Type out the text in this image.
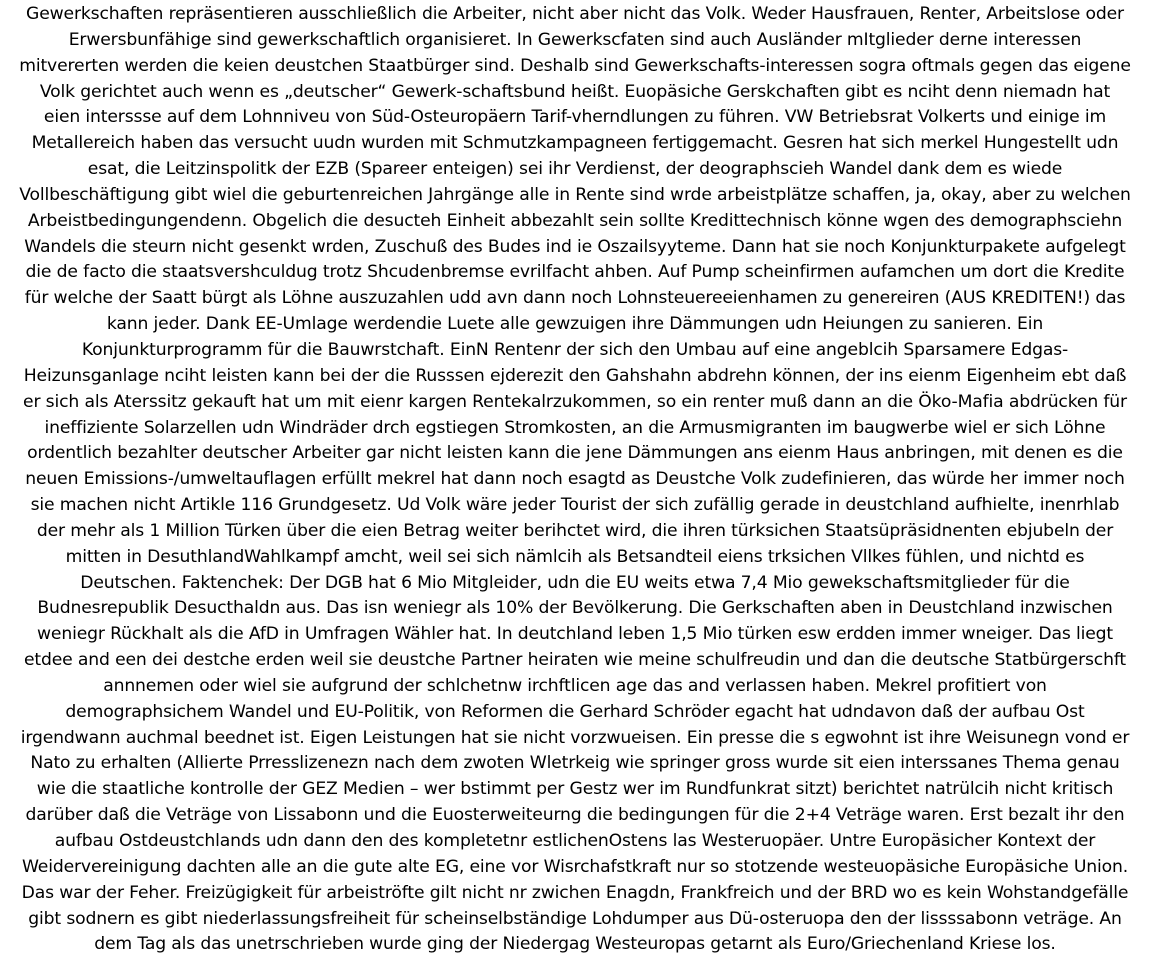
Gewerkschaften repräsentieren ausschließlich die Arbeiter, nicht aber nicht das Volk. Weder Hausfrauen, Renter, Arbeitslose oder
Erwersbunfähige sind gewerkschaftlich organisieret. In Gewerkscfaten sind auch Ausländer mItglieder derne interessen
mitvererten werden die keien deustchen Staatbürger sind. Deshalb sind Gewerkschafts-interessen sogra oftmals gegen das eigene
Volk gerichtet auch wenn es „deutscher“ Gewerk-schaftsbund heißt. Euopäsiche Gerskchaften gibt es nciht denn niemadn hat
eien interssse auf dem Lohnniveu von Süd-Osteuropäern Tarif-vherndlungen zu führen. VW Betriebsrat Volkerts und einige im
Metallereich haben das versucht uudn wurden mit Schmutzkampagneen fertiggemacht. Gesren hat sich merkel Hungestellt udn
esat, die Leitzinspolitk der EZB (Spareer enteigen) sei ihr Verdienst, der deographscieh Wandel dank dem es wiede
Vollbeschäftigung gibt wiel die geburtenreichen Jahrgänge alle in Rente sind wrde arbeistplätze schaffen, ja, okay, aber zu welchen
Arbeistbedingungendenn. Obgelich die desucteh Einheit abbezahlt sein sollte Kredittechnisch könne wgen des demographsciehn
Wandels die steurn nicht gesenkt wrden, Zuschuß des Budes ind ie Oszailsyyteme. Dann hat sie noch Konjunkturpakete aufgelegt
die de facto die staatsvershculdug trotz Shcudenbremse evrilfacht ahben. Auf Pump scheinfirmen aufamchen um dort die Kredite
für welche der Saatt bürgt als Löhne auszuzahlen udd avn dann noch Lohnsteuereeienhamen zu genereiren (AUS KREDITEN!) das
kann jeder. Dank EE-Umlage werdendie Luete alle gewzuigen ihre Dämmungen udn Heiungen zu sanieren. Ein
Konjunkturprogramm für die Bauwrstchaft. EinN Rentenr der sich den Umbau auf eine angeblcih Sparsamere Edgas-
Heizunsganlage nciht leisten kann bei der die Russsen ejderezit den Gahshahn abdrehn können, der ins eienm Eigenheim ebt daß
er sich als Aterssitz gekauft hat um mit eienr kargen Rentekalrzukommen, so ein renter muß dann an die Öko-Mafia abdrücken für
ineffiziente Solarzellen udn Windräder drch egstiegen Stromkosten, an die Armusmigranten im baugwerbe wiel er sich Löhne
ordentlich bezahlter deutscher Arbeiter gar nicht leisten kann die jene Dämmungen ans eienm Haus anbringen, mit denen es die
neuen Emissions-/umweltauflagen erfüllt mekrel hat dann noch esagtd as Deustche Volk zudefinieren, das würde her immer noch
sie machen nicht Artikle 116 Grundgesetz. Ud Volk wäre jeder Tourist der sich zufällig gerade in deustchland aufhielte, inenrhlab
der mehr als 1 Million Türken über die eien Betrag weiter berihctet wird, die ihren türksichen Staatsüpräsidnenten ebjubeln der
mitten in DesuthlandWahlkampf amcht, weil sei sich nämlcih als Betsandteil eiens trksichen Vllkes fühlen, und nichtd es
Deutschen. Faktenchek: Der DGB hat 6 Mio Mitgleider, udn die EU weits etwa 7,4 Mio gewekschaftsmitglieder für die
Budnesrepublik Desucthaldn aus. Das isn weniegr als 10% der Bevölkerung. Die Gerkschaften aben in Deustchland inzwischen
weniegr Rückhalt als die AfD in Umfragen Wähler hat. In deutchland leben 1,5 Mio türken esw erdden immer wneiger. Das liegt
etdee and een dei destche erden weil sie deustche Partner heiraten wie meine schulfreudin und dan die deutsche Statbürgerschft
annnemen oder wiel sie aufgrund der schlchetnw irchftlicen age das and verlassen haben. Mekrel profitiert von
demographsichem Wandel und EU-Politik, von Reformen die Gerhard Schröder egacht hat udndavon daß der aufbau Ost
irgendwann auchmal beednet ist. Eigen Leistungen hat sie nicht vorzwueisen. Ein presse die s egwohnt ist ihre Weisunegn vond er
Nato zu erhalten (Allierte Prresslizenezn nach dem zwoten Wletrkeig wie springer gross wurde sit eien interssanes Thema genau
wie die staatliche kontrolle der GEZ Medien – wer bstimmt per Gestz wer im Rundfunkrat sitzt) berichtet natrülcih nicht kritisch
darüber daß die Veträge von Lissabonn und die Euosterweiteurng die bedingungen für die 2+4 Veträge waren. Erst bezalt ihr den
aufbau Ostdeustchlands udn dann den des kompletetnr estlichenOstens las Westeruopäer. Untre Europäsicher Kontext der
Weidervereinigung dachten alle an die gute alte EG, eine vor Wisrchafstkraft nur so stotzende westeuopäsiche Europäsiche Union.
Das war der Feher. Freizügigkeit für arbeiströfte gilt nicht nr zwichen Enagdn, Frankfreich und der BRD wo es kein Wohstandgefälle
gibt sodnern es gibt niederlassungsfreiheit für scheinselbständige Lohdumper aus Dü-osteruopa den der lissssabonn veträge. An
dem Tag als das unetrschrieben wurde ging der Niedergag Westeuropas getarnt als Euro/Griechenland Kriese los.
